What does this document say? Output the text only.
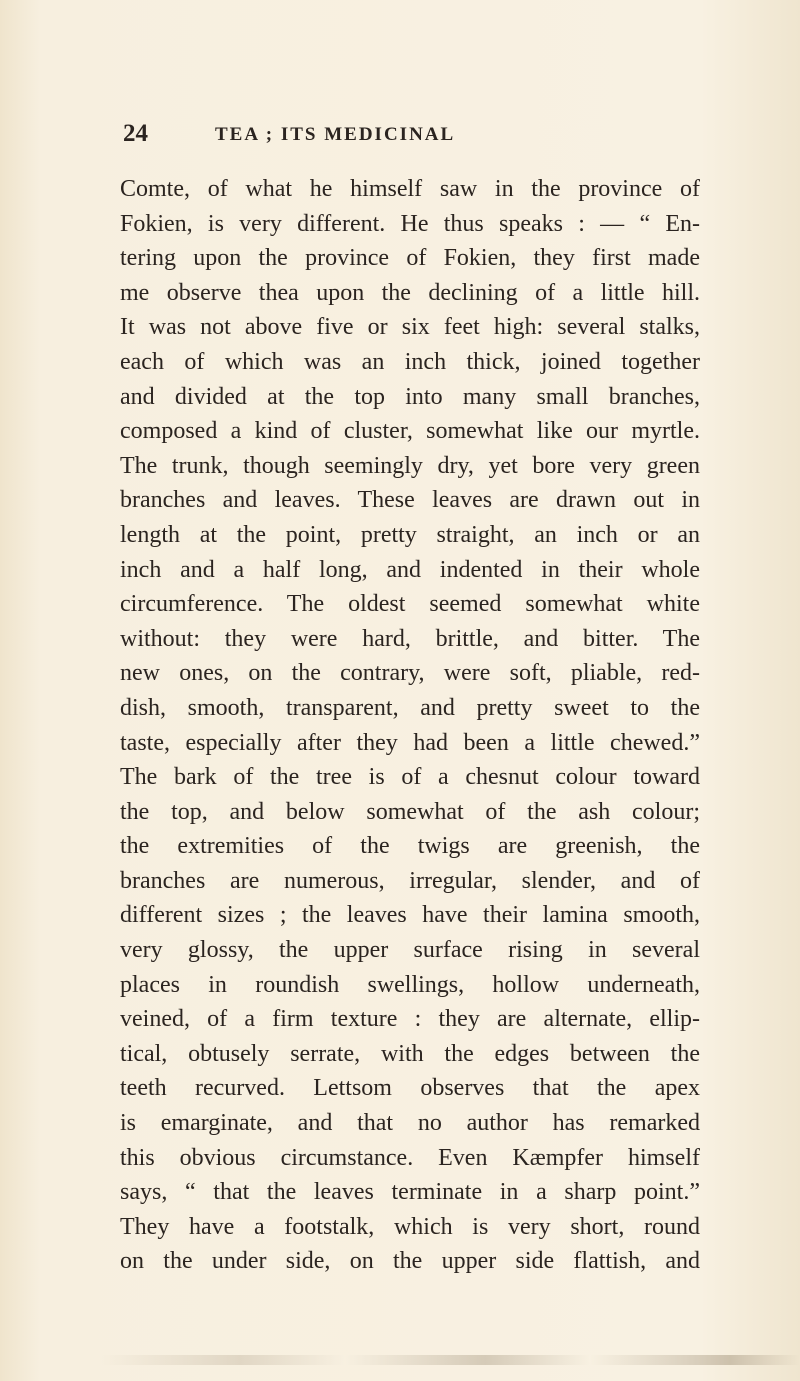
24	TEA ; ITS MEDICINAL
Comte, of what he himself saw in the province of
Fokien, is very different. He thus speaks : — “ En-
tering upon the province of Fokien, they first made
me observe thea upon the declining of a little hill.
It was not above five or six feet high: several stalks,
each of which was an inch thick, joined together
and divided at the top into many small branches,
composed a kind of cluster, somewhat like our myrtle.
The trunk, though seemingly dry, yet bore very green
branches and leaves. These leaves are drawn out in
length at the point, pretty straight, an inch or an
inch and a half long, and indented in their whole
circumference. The oldest seemed somewhat white
without: they were hard, brittle, and bitter. The
new ones, on the contrary, were soft, pliable, red-
dish, smooth, transparent, and pretty sweet to the
taste, especially after they had been a little chewed.”
The bark of the tree is of a chesnut colour toward
the top, and below somewhat of the ash colour;
the extremities of the twigs are greenish, the
branches are numerous, irregular, slender, and of
different sizes ; the leaves have their lamina smooth,
very glossy, the upper surface rising in several
places in roundish swellings, hollow underneath,
veined, of a firm texture : they are alternate, ellip-
tical, obtusely serrate, with the edges between the
teeth recurved. Lettsom observes that the apex
is emarginate, and that no author has remarked
this obvious circumstance. Even Kæmpfer himself
says, “ that the leaves terminate in a sharp point.”
They have a footstalk, which is very short, round
on the under side, on the upper side flattish, and
